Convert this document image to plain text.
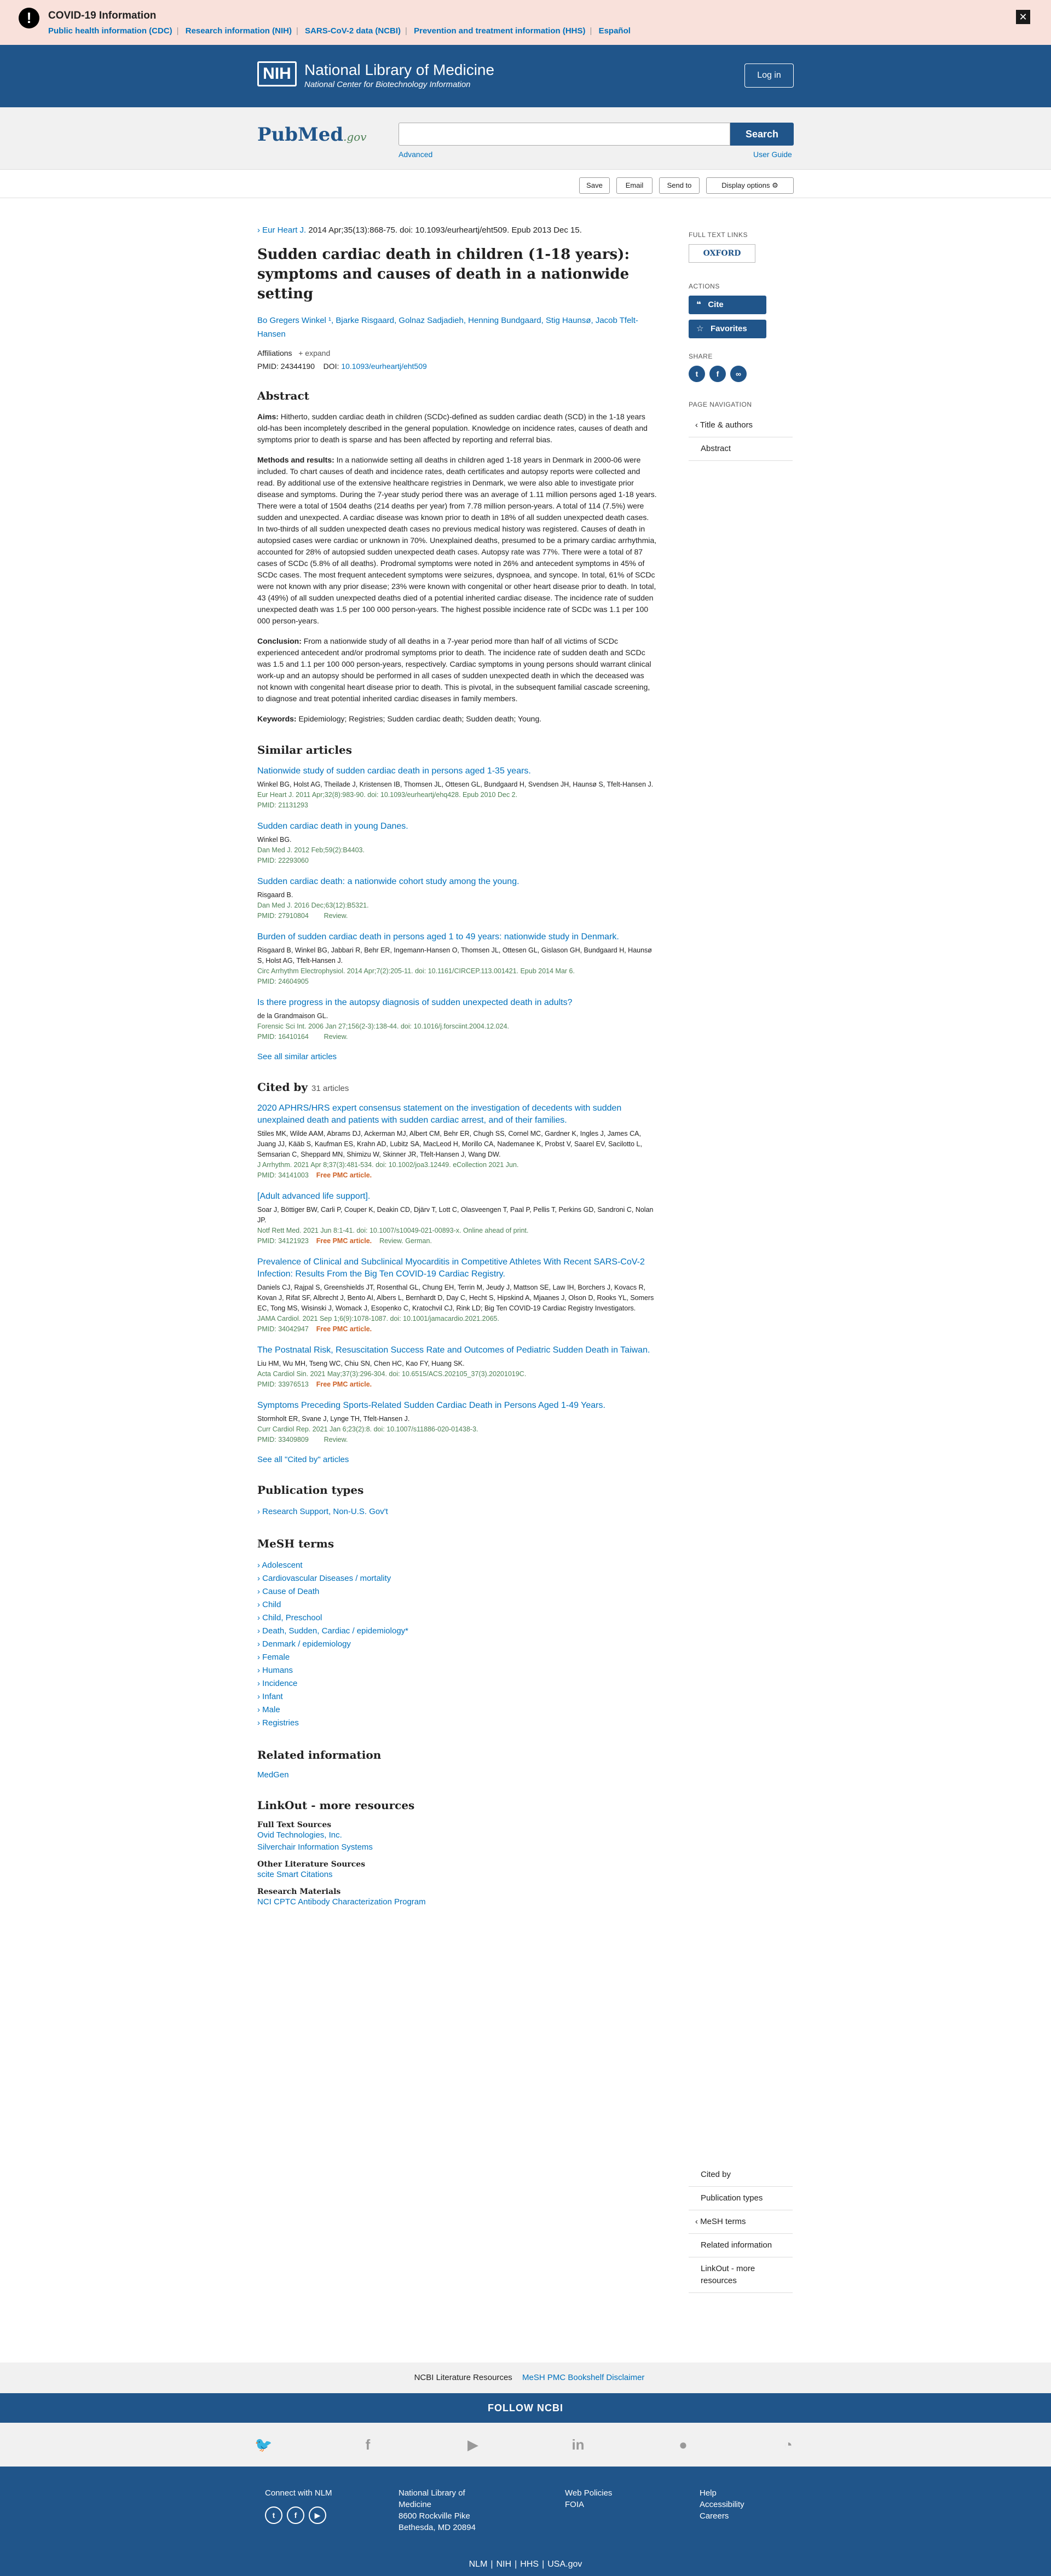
!	COVID-19 Information
Public health information (CDC) | Research information (NIH) | SARS-CoV-2 data (NCBI) | Prevention and treatment information (HHS) | Español
✕
NIH National Library of Medicine
National Center for Biotechnology Information
Log in
PubMed.gov	Search
Advanced	User Guide
Save	Email	Send to	Display options ⚙
› Eur Heart J. 2014 Apr;35(13):868-75. doi: 10.1093/eurheartj/eht509. Epub 2013 Dec 15.
Sudden cardiac death in children (1-18 years): symptoms and causes of death in a nationwide setting
Bo Gregers Winkel ¹, Bjarke Risgaard, Golnaz Sadjadieh, Henning Bundgaard, Stig Haunsø, Jacob Tfelt-Hansen
Affiliations + expand
PMID: 24344190 DOI: 10.1093/eurheartj/eht509
Abstract

Aims: Hitherto, sudden cardiac death in children (SCDc)-defined as sudden cardiac death (SCD) in the 1-18 years old-has been incompletely described in the general population. Knowledge on incidence rates, causes of death and symptoms prior to death is sparse and has been affected by reporting and referral bias.

Methods and results: In a nationwide setting all deaths in children aged 1-18 years in Denmark in 2000-06 were included. To chart causes of death and incidence rates, death certificates and autopsy reports were collected and read. By additional use of the extensive healthcare registries in Denmark, we were also able to investigate prior disease and symptoms. During the 7-year study period there was an average of 1.11 million persons aged 1-18 years. There were a total of 1504 deaths (214 deaths per year) from 7.78 million person-years. A total of 114 (7.5%) were sudden and unexpected. A cardiac disease was known prior to death in 18% of all sudden unexpected death cases. In two-thirds of all sudden unexpected death cases no previous medical history was registered. Causes of death in autopsied cases were cardiac or unknown in 70%. Unexplained deaths, presumed to be a primary cardiac arrhythmia, accounted for 28% of autopsied sudden unexpected death cases. Autopsy rate was 77%. There were a total of 87 cases of SCDc (5.8% of all deaths). Prodromal symptoms were noted in 26% and antecedent symptoms in 45% of SCDc cases. The most frequent antecedent symptoms were seizures, dyspnoea, and syncope. In total, 61% of SCDc were not known with any prior disease; 23% were known with congenital or other heart disease prior to death. In total, 43 (49%) of all sudden unexpected deaths died of a potential inherited cardiac disease. The incidence rate of sudden unexpected death was 1.5 per 100 000 person-years. The highest possible incidence rate of SCDc was 1.1 per 100 000 person-years.

Conclusion: From a nationwide study of all deaths in a 7-year period more than half of all victims of SCDc experienced antecedent and/or prodromal symptoms prior to death. The incidence rate of sudden death and SCDc was 1.5 and 1.1 per 100 000 person-years, respectively. Cardiac symptoms in young persons should warrant clinical work-up and an autopsy should be performed in all cases of sudden unexpected death in which the deceased was not known with congenital heart disease prior to death. This is pivotal, in the subsequent familial cascade screening, to diagnose and treat potential inherited cardiac diseases in family members.

Keywords: Epidemiology; Registries; Sudden cardiac death; Sudden death; Young.

Similar articles
Nationwide study of sudden cardiac death in persons aged 1-35 years.
Winkel BG, Holst AG, Theilade J, Kristensen IB, Thomsen JL, Ottesen GL, Bundgaard H, Svendsen JH, Haunsø S, Tfelt-Hansen J.
Eur Heart J. 2011 Apr;32(8):983-90. doi: 10.1093/eurheartj/ehq428. Epub 2010 Dec 2.
PMID: 21131293
Sudden cardiac death in young Danes.
Winkel BG.
Dan Med J. 2012 Feb;59(2):B4403.
PMID: 22293060
Sudden cardiac death: a nationwide cohort study among the young.
Risgaard B.
Dan Med J. 2016 Dec;63(12):B5321.
PMID: 27910804 Review.
Burden of sudden cardiac death in persons aged 1 to 49 years: nationwide study in Denmark.
Risgaard B, Winkel BG, Jabbari R, Behr ER, Ingemann-Hansen O, Thomsen JL, Ottesen GL, Gislason GH, Bundgaard H, Haunsø S, Holst AG, Tfelt-Hansen J.
Circ Arrhythm Electrophysiol. 2014 Apr;7(2):205-11. doi: 10.1161/CIRCEP.113.001421. Epub 2014 Mar 6.
PMID: 24604905
Is there progress in the autopsy diagnosis of sudden unexpected death in adults?
de la Grandmaison GL.
Forensic Sci Int. 2006 Jan 27;156(2-3):138-44. doi: 10.1016/j.forsciint.2004.12.024.
PMID: 16410164 Review.
See all similar articles
Cited by 31 articles
2020 APHRS/HRS expert consensus statement on the investigation of decedents with sudden unexplained death and patients with sudden cardiac arrest, and of their families.
Stiles MK, Wilde AAM, Abrams DJ, Ackerman MJ, Albert CM, Behr ER, Chugh SS, Cornel MC, Gardner K, Ingles J, James CA, Juang JJ, Kääb S, Kaufman ES, Krahn AD, Lubitz SA, MacLeod H, Morillo CA, Nademanee K, Probst V, Saarel EV, Sacilotto L, Semsarian C, Sheppard MN, Shimizu W, Skinner JR, Tfelt-Hansen J, Wang DW.
J Arrhythm. 2021 Apr 8;37(3):481-534. doi: 10.1002/joa3.12449. eCollection 2021 Jun.
PMID: 34141003 Free PMC article.
[Adult advanced life support].
Soar J, Böttiger BW, Carli P, Couper K, Deakin CD, Djärv T, Lott C, Olasveengen T, Paal P, Pellis T, Perkins GD, Sandroni C, Nolan JP.
Notf Rett Med. 2021 Jun 8:1-41. doi: 10.1007/s10049-021-00893-x. Online ahead of print.
PMID: 34121923 Free PMC article. Review. German.
Prevalence of Clinical and Subclinical Myocarditis in Competitive Athletes With Recent SARS-CoV-2 Infection: Results From the Big Ten COVID-19 Cardiac Registry.
Daniels CJ, Rajpal S, Greenshields JT, Rosenthal GL, Chung EH, Terrin M, Jeudy J, Mattson SE, Law IH, Borchers J, Kovacs R, Kovan J, Rifat SF, Albrecht J, Bento AI, Albers L, Bernhardt D, Day C, Hecht S, Hipskind A, Mjaanes J, Olson D, Rooks YL, Somers EC, Tong MS, Wisinski J, Womack J, Esopenko C, Kratochvil CJ, Rink LD; Big Ten COVID-19 Cardiac Registry Investigators.
JAMA Cardiol. 2021 Sep 1;6(9):1078-1087. doi: 10.1001/jamacardio.2021.2065.
PMID: 34042947 Free PMC article.
The Postnatal Risk, Resuscitation Success Rate and Outcomes of Pediatric Sudden Death in Taiwan.
Liu HM, Wu MH, Tseng WC, Chiu SN, Chen HC, Kao FY, Huang SK.
Acta Cardiol Sin. 2021 May;37(3):296-304. doi: 10.6515/ACS.202105_37(3).20201019C.
PMID: 33976513 Free PMC article.
Symptoms Preceding Sports-Related Sudden Cardiac Death in Persons Aged 1-49 Years.
Stormholt ER, Svane J, Lynge TH, Tfelt-Hansen J.
Curr Cardiol Rep. 2021 Jan 6;23(2):8. doi: 10.1007/s11886-020-01438-3.
PMID: 33409809 Review.
See all "Cited by" articles
Publication types
› Research Support, Non-U.S. Gov't
MeSH terms
› Adolescent
› Cardiovascular Diseases / mortality
› Cause of Death
› Child
› Child, Preschool
› Death, Sudden, Cardiac / epidemiology*
› Denmark / epidemiology
› Female
› Humans
› Incidence
› Infant
› Male
› Registries
Related information
MedGen
LinkOut - more resources
Full Text Sources
Ovid Technologies, Inc.
Silverchair Information Systems
Other Literature Sources
scite Smart Citations
Research Materials
NCI CPTC Antibody Characterization Program
FULL TEXT LINKS
OXFORD
ACTIONS
❝ Cite
☆ Favorites
SHARE
t	f	∞
PAGE NAVIGATION
‹ Title & authors
Abstract
Cited by
Publication types
‹ MeSH terms
Related information
LinkOut - more resources
NCBI Literature Resources MeSH PMC Bookshelf Disclaimer
FOLLOW NCBI
🐦	f	▶	in	●	◔
Connect with NLM
t	f	▶
National Library of
Medicine
8600 Rockville Pike
Bethesda, MD 20894
Web Policies
FOIA
Help
Accessibility
Careers
NLM | NIH | HHS | USA.gov
